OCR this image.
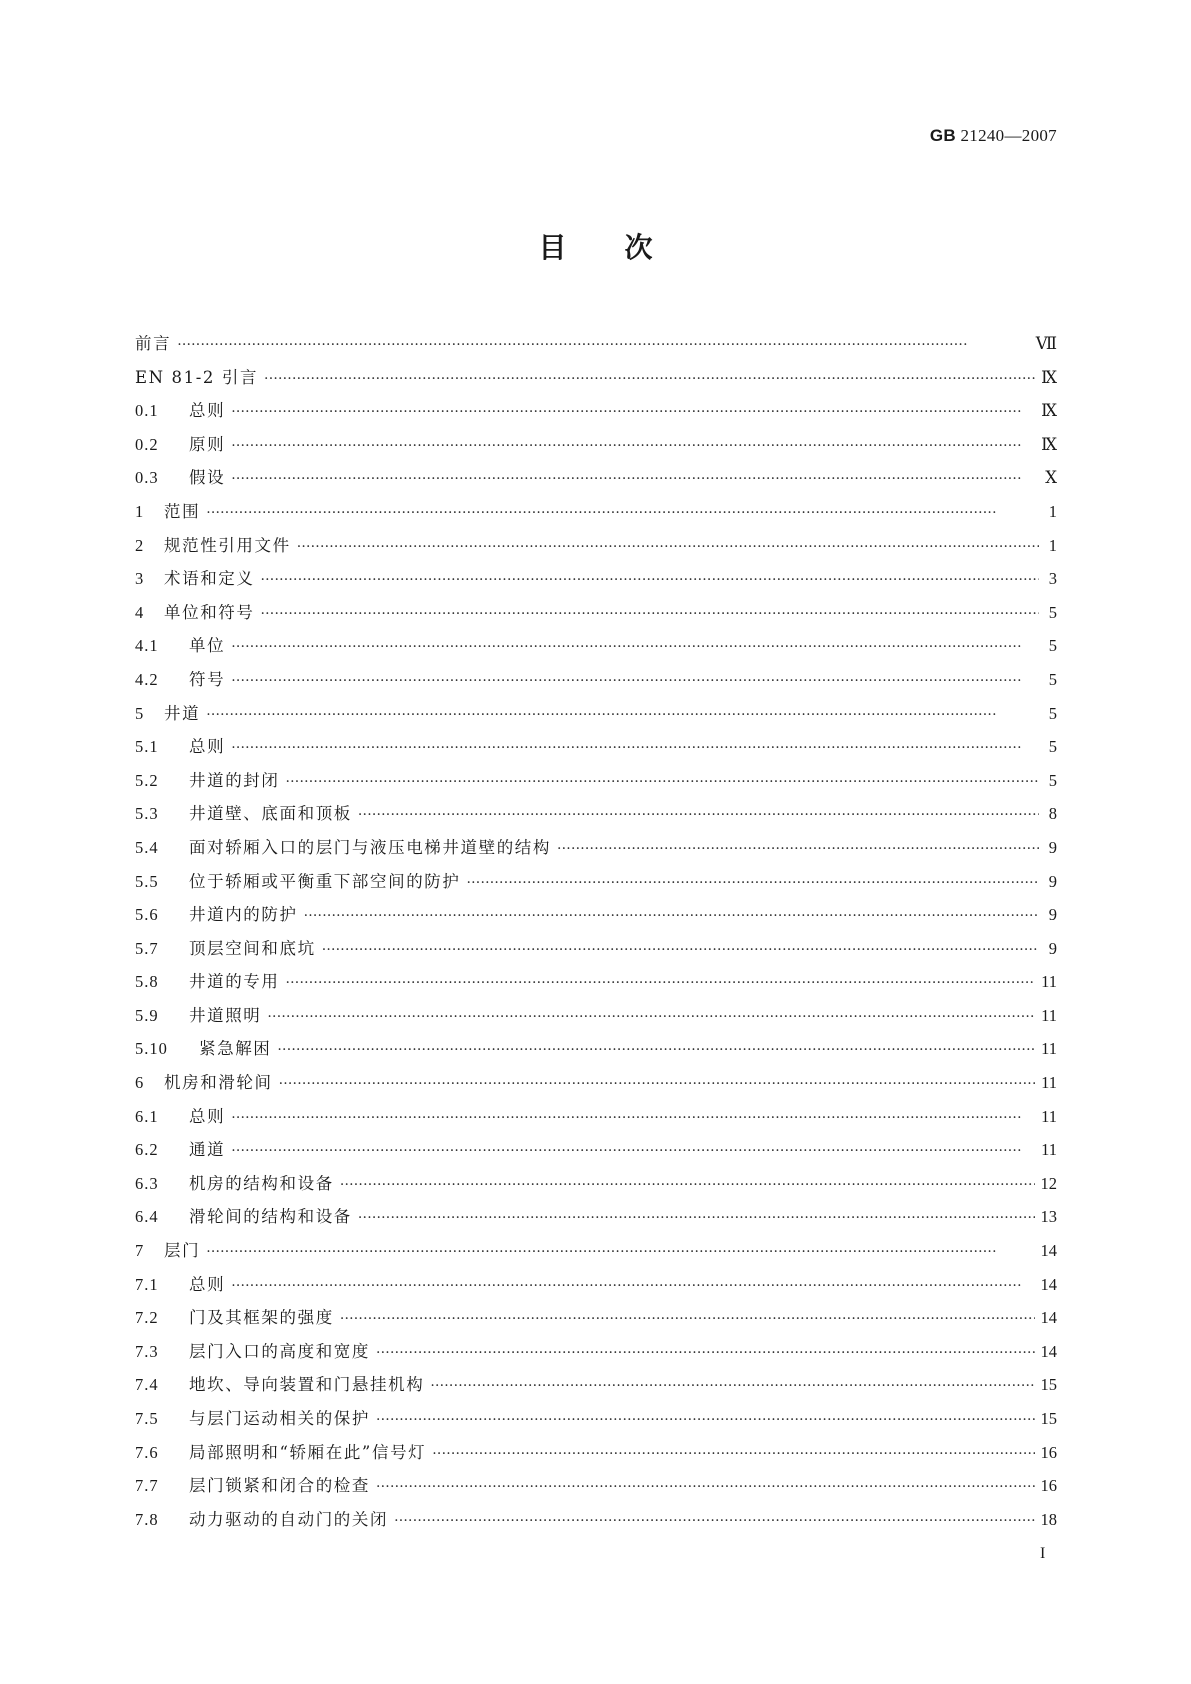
GB 21240—2007
目次
前言 ·····	Ⅶ
EN 81-2 引言 ·····	Ⅸ
0.1	总则 ·····	Ⅸ
0.2	原则 ·····	Ⅸ
0.3	假设 ·····	Ⅹ
1	范围 ·····	1
2	规范性引用文件 ·····	1
3	术语和定义 ·····	3
4	单位和符号 ·····	5
4.1	单位 ·····	5
4.2	符号 ·····	5
5	井道 ·····	5
5.1	总则 ·····	5
5.2	井道的封闭 ·····	5
5.3	井道壁、底面和顶板 ·····	8
5.4	面对轿厢入口的层门与液压电梯井道壁的结构 ·····	9
5.5	位于轿厢或平衡重下部空间的防护 ·····	9
5.6	井道内的防护 ·····	9
5.7	顶层空间和底坑 ·····	9
5.8	井道的专用 ·····	11
5.9	井道照明 ·····	11
5.10	紧急解困 ·····	11
6	机房和滑轮间 ·····	11
6.1	总则 ·····	11
6.2	通道 ·····	11
6.3	机房的结构和设备 ·····	12
6.4	滑轮间的结构和设备 ·····	13
7	层门 ·····	14
7.1	总则 ·····	14
7.2	门及其框架的强度 ·····	14
7.3	层门入口的高度和宽度 ·····	14
7.4	地坎、导向装置和门悬挂机构 ·····	15
7.5	与层门运动相关的保护 ·····	15
7.6	局部照明和“轿厢在此”信号灯 ·····	16
7.7	层门锁紧和闭合的检查 ·····	16
7.8	动力驱动的自动门的关闭 ·····	18
I
